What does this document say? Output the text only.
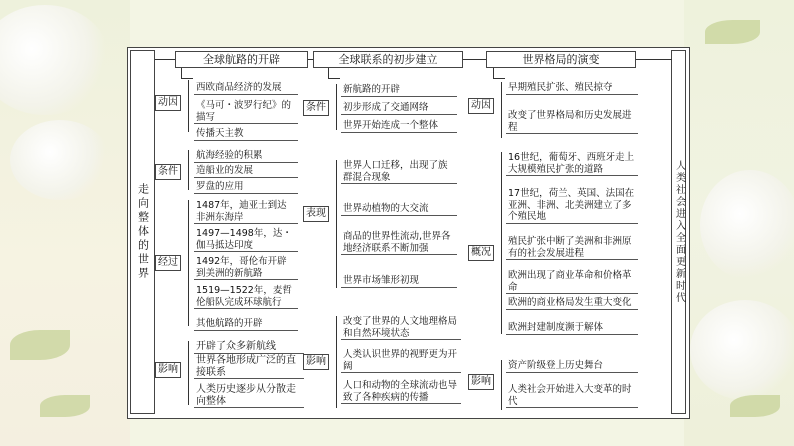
走向整体的世界	人类社会进入全面更新时代
全球航路的开辟	全球联系的初步建立	世界格局的演变
动因
西欧商品经济的发展
《马可・波罗行纪》的描写
传播天主教
条件
航海经验的积累
造船业的发展
罗盘的应用
经过
1487年，迪亚士到达非洲东海岸
1497—1498年，达・伽马抵达印度
1492年，哥伦布开辟到美洲的新航路
1519—1522年，麦哲伦船队完成环球航行
其他航路的开辟
影响
开辟了众多新航线
世界各地形成广泛的直接联系
人类历史逐步从分散走向整体
条件
新航路的开辟
初步形成了交通网络
世界开始连成一个整体
表现
世界人口迁移，出现了族群混合现象
世界动植物的大交流
商品的世界性流动,世界各地经济联系不断加强
世界市场雏形初现
影响
改变了世界的人文地理格局和自然环境状态
人类认识世界的视野更为开阔
人口和动物的全球流动也导致了各种疾病的传播
动因
早期殖民扩张、殖民掠夺
改变了世界格局和历史发展进程
概况
16世纪，葡萄牙、西班牙走上大规模殖民扩张的道路
17世纪，荷兰、英国、法国在亚洲、非洲、北美洲建立了多个殖民地
殖民扩张中断了美洲和非洲原有的社会发展进程
欧洲出现了商业革命和价格革命
欧洲的商业格局发生重大变化
欧洲封建制度濒于解体
影响
资产阶级登上历史舞台
人类社会开始进入大变革的时代
